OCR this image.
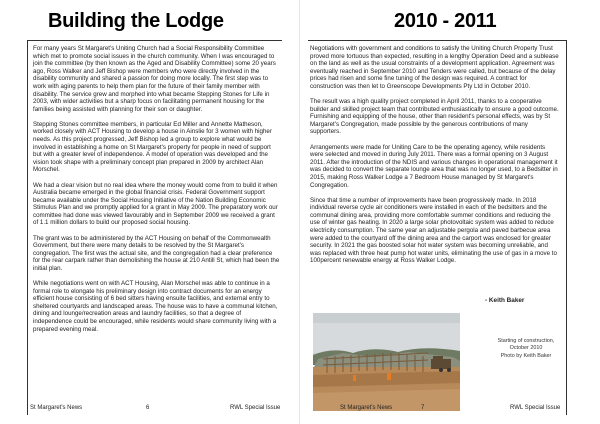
Building the Lodge	2010 - 2011

For many years St Margaret's Uniting Church had a Social Responsibility Committee which met to promote social issues in the church community. When I was encouraged to join the committee (by then known as the Aged and Disability Committee) some 20 years ago, Ross Walker and Jeff Bishop were members who were directly involved in the disability community and shared a passion for doing more locally. The first step was to work with aging parents to help them plan for the future of their family member with disability. The service grew and morphed into what became Stepping Stones for Life in 2003, with wider activities but a sharp focus on facilitating permanent housing for the families being assisted with planning for their son or daughter.

Stepping Stones committee members, in particular Ed Miller and Annette Matheson, worked closely with ACT Housing to develop a house in Ainslie for 3 women with higher needs. As this project progressed, Jeff Bishop led a group to explore what would be involved in establishing a home on St Margaret's property for people in need of support but with a greater level of independence. A model of operation was developed and the vision took shape with a preliminary concept plan prepared in 2009 by architect Alan Morschel.

We had a clear vision but no real idea where the money would come from to build it when Australia became emerged in the global financial crisis. Federal Government support became available under the Social Housing Initiative of the Nation Building Economic Stimulus Plan and we promptly applied for a grant in May 2009. The preparatory work our committee had done was viewed favourably and in September 2009 we received a grant of 1.1 million dollars to build our proposed social housing.

The grant was to be administered by the ACT Housing on behalf of the Commonwealth Government, but there were many details to be resolved by the St Margaret's congregation. The first was the actual site, and the congregation had a clear preference for the rear carpark rather than demolishing the house at 210 Antill St, which had been the initial plan.

While negotiations went on with ACT Housing, Alan Morschel was able to continue in a formal role to elongate his preliminary design into contract documents for an energy efficient house consisting of 6 bed sitters having ensuite facilities, and external entry to sheltered courtyards and landscaped areas. The house was to have a communal kitchen, dining and lounge/recreation areas and laundry facilities, so that a degree of independence could be encouraged, while residents would share community living with a prepared evening meal.

Negotiations with government and conditions to satisfy the Uniting Church Property Trust proved more tortuous than expected, resulting in a lengthy Operation Deed and a sublease on the land as well as the usual constraints of a development application. Agreement was eventually reached in September 2010 and Tenders were called, but because of the delay prices had risen and some fine tuning of the design was required. A contract for construction was then let to Greenscope Developments Pty Ltd in October 2010.

The result was a high quality project completed in April 2011, thanks to a cooperative builder and skilled project team that contributed enthusiastically to ensure a good outcome. Furnishing and equipping of the house, other than resident's personal effects, was by St Margaret's Congregation, made possible by the generous contributions of many supporters.

Arrangements were made for Uniting Care to be the operating agency, while residents were selected and moved in during July 2011. There was a formal opening on 3 August 2011. After the introduction of the NDIS and various changes in operational management it was decided to convert the separate lounge area that was no longer used, to a Bedsitter in 2015, making Ross Walker Lodge a 7 Bedroom House managed by St Margaret's Congregation.

Since that time a number of improvements have been progressively made. In 2018 individual reverse cycle air conditioners were installed in each of the bedsitters and the communal dining area, providing more comfortable summer conditions and reducing the use of winter gas heating. In 2020 a large solar photovoltaic system was added to reduce electricity consumption. The same year an adjustable pergola and paved barbecue area were added to the courtyard off the dining area and the carport was enclosed for greater security. In 2021 the gas boosted solar hot water system was becoming unreliable, and was replaced with three heat pump hot water units, eliminating the use of gas in a move to 100percent renewable energy at Ross Walker Lodge.

- Keith Baker
Starting of construction,
October 2010
Photo by Keith Baker
St Margaret's News	6	RWL Special Issue	St Margaret's News	7	RWL Special Issue
